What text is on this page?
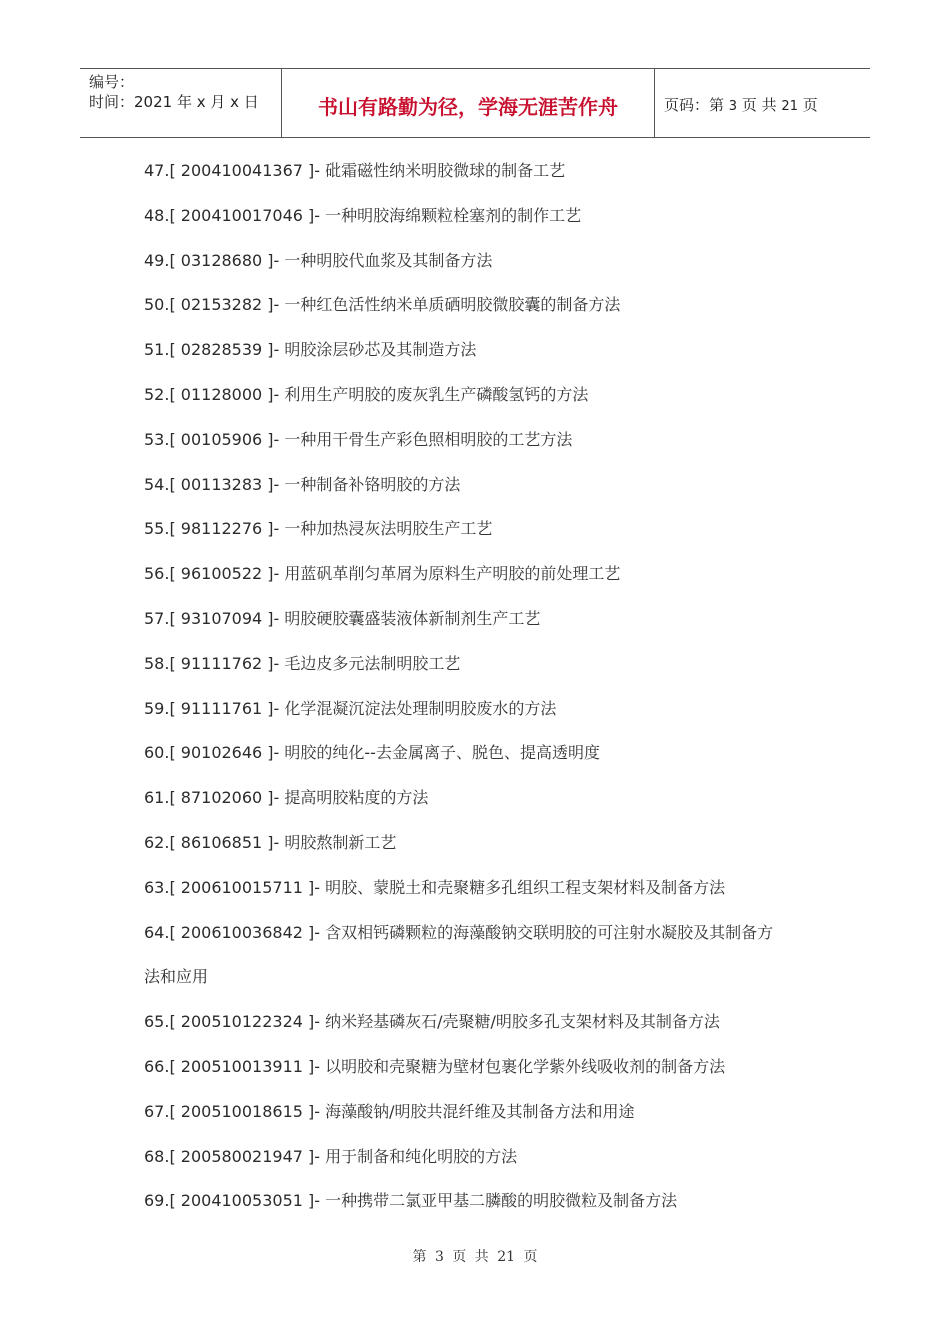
编号：
时间：2021 年 x 月 x 日	书山有路勤为径，学海无涯苦作舟	页码：第 3 页 共 21 页
47.[ 200410041367 ]- 砒霜磁性纳米明胶微球的制备工艺
48.[ 200410017046 ]- 一种明胶海绵颗粒栓塞剂的制作工艺
49.[ 03128680 ]- 一种明胶代血浆及其制备方法
50.[ 02153282 ]- 一种红色活性纳米单质硒明胶微胶囊的制备方法
51.[ 02828539 ]- 明胶涂层砂芯及其制造方法
52.[ 01128000 ]- 利用生产明胶的废灰乳生产磷酸氢钙的方法
53.[ 00105906 ]- 一种用干骨生产彩色照相明胶的工艺方法
54.[ 00113283 ]- 一种制备补铬明胶的方法
55.[ 98112276 ]- 一种加热浸灰法明胶生产工艺
56.[ 96100522 ]- 用蓝矾革削匀革屑为原料生产明胶的前处理工艺
57.[ 93107094 ]- 明胶硬胶囊盛装液体新制剂生产工艺
58.[ 91111762 ]- 毛边皮多元法制明胶工艺
59.[ 91111761 ]- 化学混凝沉淀法处理制明胶废水的方法
60.[ 90102646 ]- 明胶的纯化--去金属离子、脱色、提高透明度
61.[ 87102060 ]- 提高明胶粘度的方法
62.[ 86106851 ]- 明胶熬制新工艺
63.[ 200610015711 ]- 明胶、蒙脱土和壳聚糖多孔组织工程支架材料及制备方法
64.[ 200610036842 ]- 含双相钙磷颗粒的海藻酸钠交联明胶的可注射水凝胶及其制备方
法和应用
65.[ 200510122324 ]- 纳米羟基磷灰石/壳聚糖/明胶多孔支架材料及其制备方法
66.[ 200510013911 ]- 以明胶和壳聚糖为壁材包裹化学紫外线吸收剂的制备方法
67.[ 200510018615 ]- 海藻酸钠/明胶共混纤维及其制备方法和用途
68.[ 200580021947 ]- 用于制备和纯化明胶的方法
69.[ 200410053051 ]- 一种携带二氯亚甲基二膦酸的明胶微粒及制备方法
第 3 页 共 21 页
